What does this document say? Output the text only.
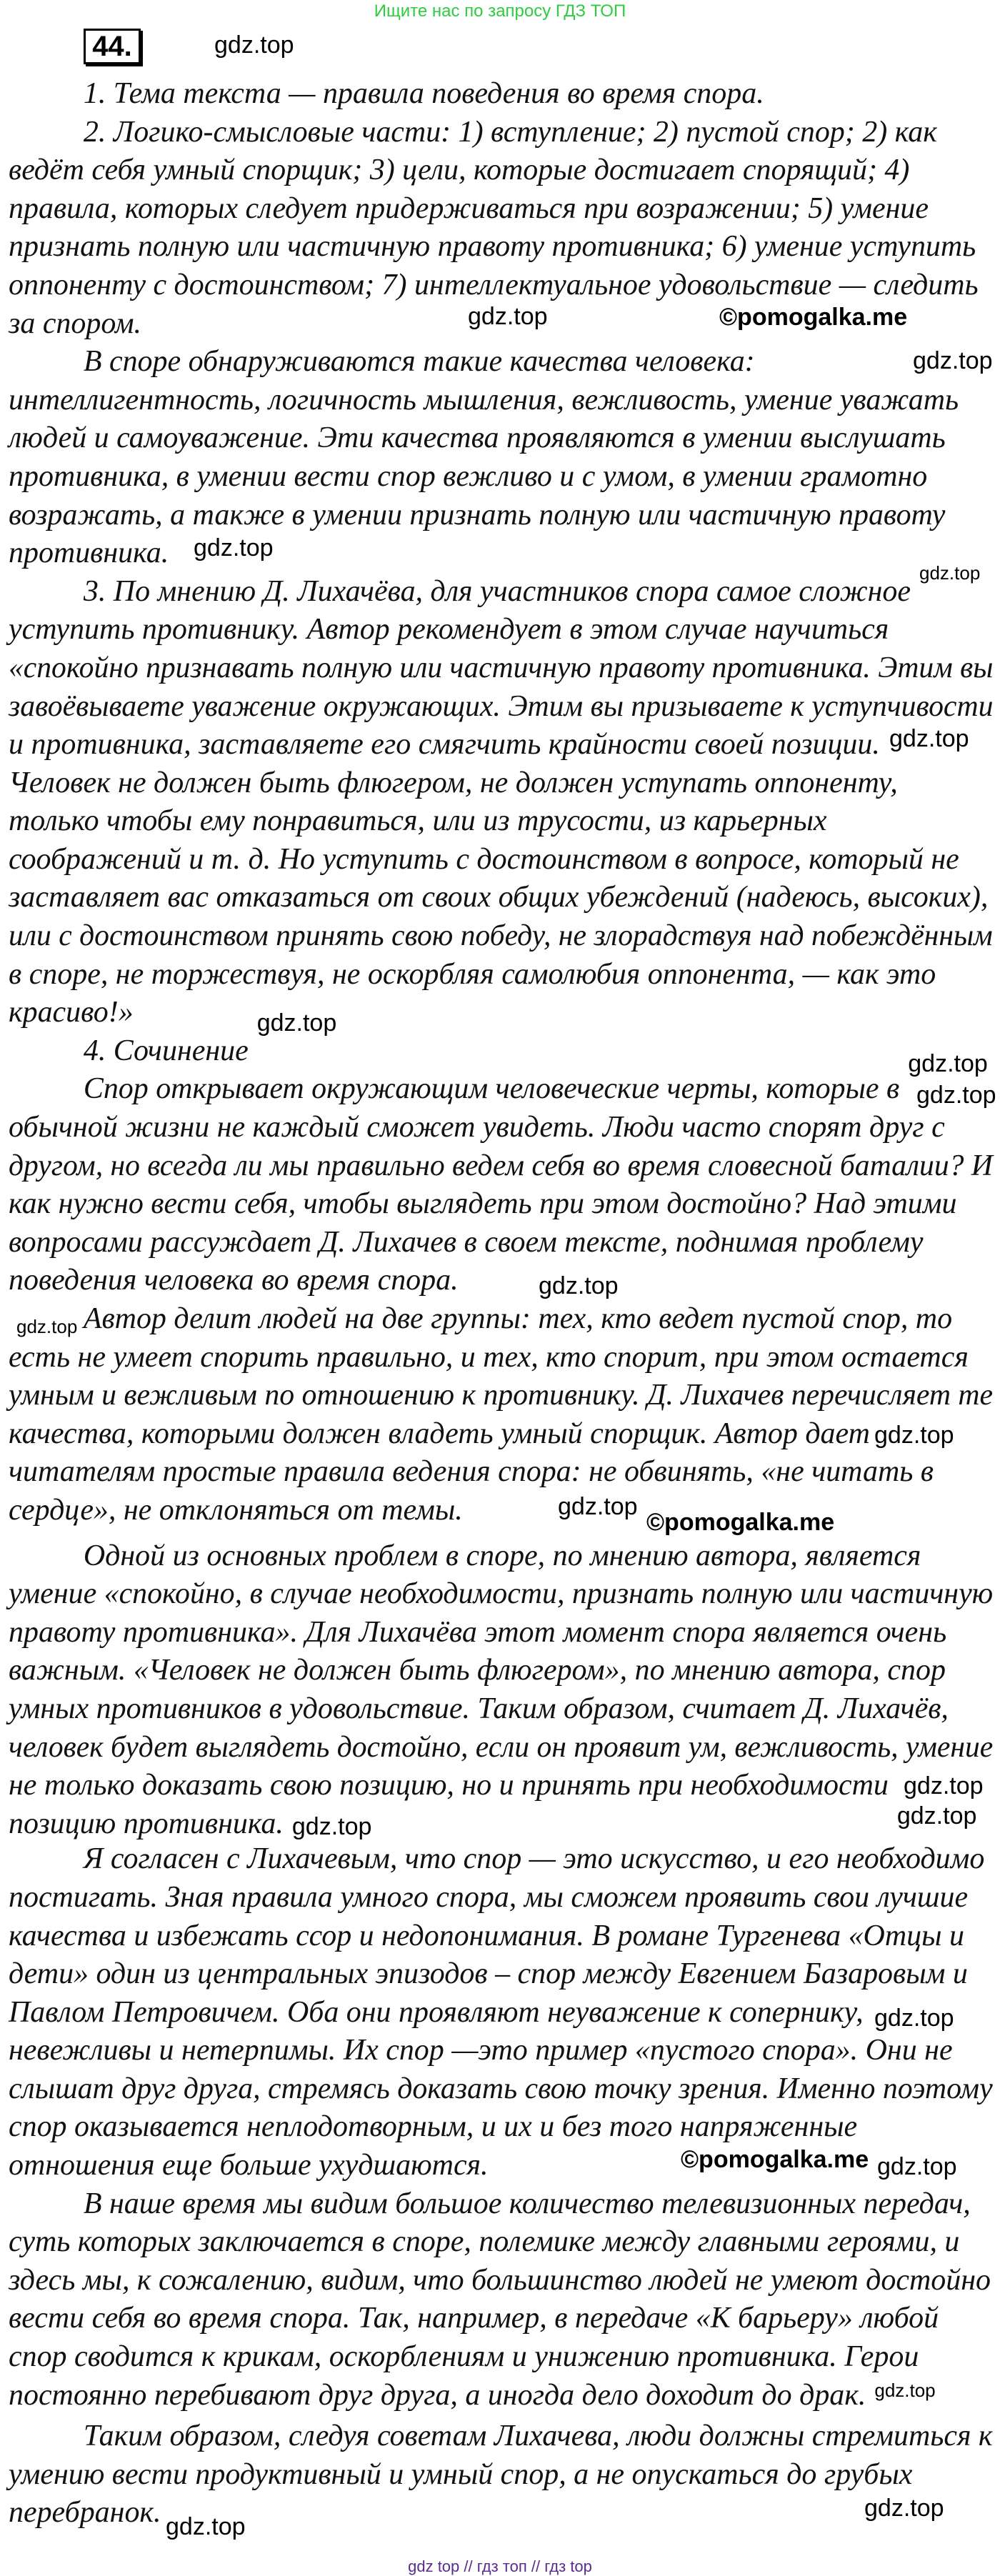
Ищите нас по запросу ГДЗ ТОП
44.
1. Тема текста — правила поведения во время спора.
2. Логико-смысловые части: 1) вступление; 2) пустой спор; 2) как
ведёт себя умный спорщик; 3) цели, которые достигает спорящий; 4)
правила, которых следует придерживаться при возражении; 5) умение
признать полную или частичную правоту противника; 6) умение уступить
оппоненту с достоинством; 7) интеллектуальное удовольствие — следить
за спором.
В споре обнаруживаются такие качества человека:
интеллигентность, логичность мышления, вежливость, умение уважать
людей и самоуважение. Эти качества проявляются в умении выслушать
противника, в умении вести спор вежливо и с умом, в умении грамотно
возражать, а также в умении признать полную или частичную правоту
противника.
3. По мнению Д. Лихачёва, для участников спора самое сложное
уступить противнику. Автор рекомендует в этом случае научиться
«спокойно признавать полную или частичную правоту противника. Этим вы
завоёвываете уважение окружающих. Этим вы призываете к уступчивости
и противника, заставляете его смягчить крайности своей позиции.
Человек не должен быть флюгером, не должен уступать оппоненту,
только чтобы ему понравиться, или из трусости, из карьерных
соображений и т. д. Но уступить с достоинством в вопросе, который не
заставляет вас отказаться от своих общих убеждений (надеюсь, высоких),
или с достоинством принять свою победу, не злорадствуя над побеждённым
в споре, не торжествуя, не оскорбляя самолюбия оппонента, — как это
красиво!»
4. Сочинение
Спор открывает окружающим человеческие черты, которые в
обычной жизни не каждый сможет увидеть. Люди часто спорят друг с
другом, но всегда ли мы правильно ведем себя во время словесной баталии? И
как нужно вести себя, чтобы выглядеть при этом достойно? Над этими
вопросами рассуждает Д. Лихачев в своем тексте, поднимая проблему
поведения человека во время спора.
Автор делит людей на две группы: тех, кто ведет пустой спор, то
есть не умеет спорить правильно, и тех, кто спорит, при этом остается
умным и вежливым по отношению к противнику. Д. Лихачев перечисляет те
качества, которыми должен владеть умный спорщик. Автор дает
читателям простые правила ведения спора: не обвинять, «не читать в
сердце», не отклоняться от темы.
Одной из основных проблем в споре, по мнению автора, является
умение «спокойно, в случае необходимости, признать полную или частичную
правоту противника». Для Лихачёва этот момент спора является очень
важным. «Человек не должен быть флюгером», по мнению автора, спор
умных противников в удовольствие. Таким образом, считает Д. Лихачёв,
человек будет выглядеть достойно, если он проявит ум, вежливость, умение
не только доказать свою позицию, но и принять при необходимости
позицию противника.
Я согласен с Лихачевым, что спор — это искусство, и его необходимо
постигать. Зная правила умного спора, мы сможем проявить свои лучшие
качества и избежать ссор и недопонимания. В романе Тургенева «Отцы и
дети» один из центральных эпизодов – спор между Евгением Базаровым и
Павлом Петровичем. Оба они проявляют неуважение к сопернику,
невежливы и нетерпимы. Их спор —это пример «пустого спора». Они не
слышат друг друга, стремясь доказать свою точку зрения. Именно поэтому
спор оказывается неплодотворным, и их и без того напряженные
отношения еще больше ухудшаются.
В наше время мы видим большое количество телевизионных передач,
суть которых заключается в споре, полемике между главными героями, и
здесь мы, к сожалению, видим, что большинство людей не умеют достойно
вести себя во время спора. Так, например, в передаче «К барьеру» любой
спор сводится к крикам, оскорблениям и унижению противника. Герои
постоянно перебивают друг друга, а иногда дело доходит до драк.
Таким образом, следуя советам Лихачева, люди должны стремиться к
умению вести продуктивный и умный спор, а не опускаться до грубых
перебранок.
gdz.top
gdz.top	©pomogalka.me
gdz.top
gdz.top
gdz.top
gdz.top
gdz.top
gdz.top
gdz.top
gdz.top
gdz.top
gdz.top
gdz.top
©pomogalka.me
gdz.top
gdz.top	gdz.top
©pomogalka.me
gdz.top
gdz.top
gdz.top
gdz.top
gdz.top
gdz top // гдз топ // гдз top
